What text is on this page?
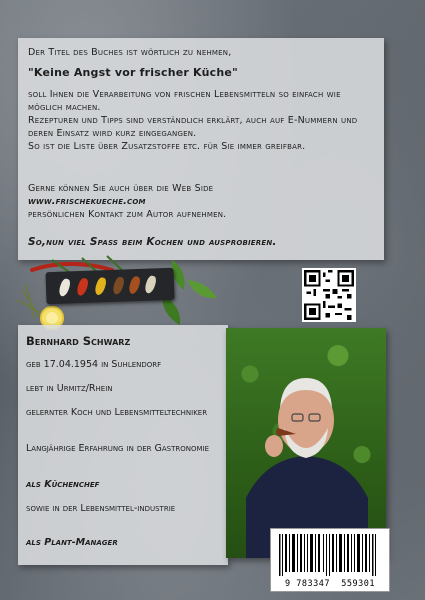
Der Titel des Buches ist wörtlich zu nehmen,

"Keine Angst vor frischer Küche"

soll Ihnen die Verarbeitung von frischen Lebensmitteln so einfach wie möglich machen.

Rezepturen und Tipps sind verständlich erklärt, auch auf E-Nummern und deren Einsatz wird kurz eingegangen.

So ist die Liste über Zusatzstoffe etc. für Sie immer greifbar.

Gerne können Sie auch über die Web Side

www.frischekueche.com

persönlichen Kontakt zum Autor aufnehmen.

So,nun viel Spass beim Kochen und ausprobieren.

Bernhard Schwarz

geb 17.04.1954 in Suhlendorf

lebt in Urmitz/Rhein

gelernter Koch und Lebensmitteltechniker

Langjährige Erfahrung in der Gastronomie

als Küchenchef

sowie in der Lebensmittel-industrie

als Plant-Manager

9 783347 559301
